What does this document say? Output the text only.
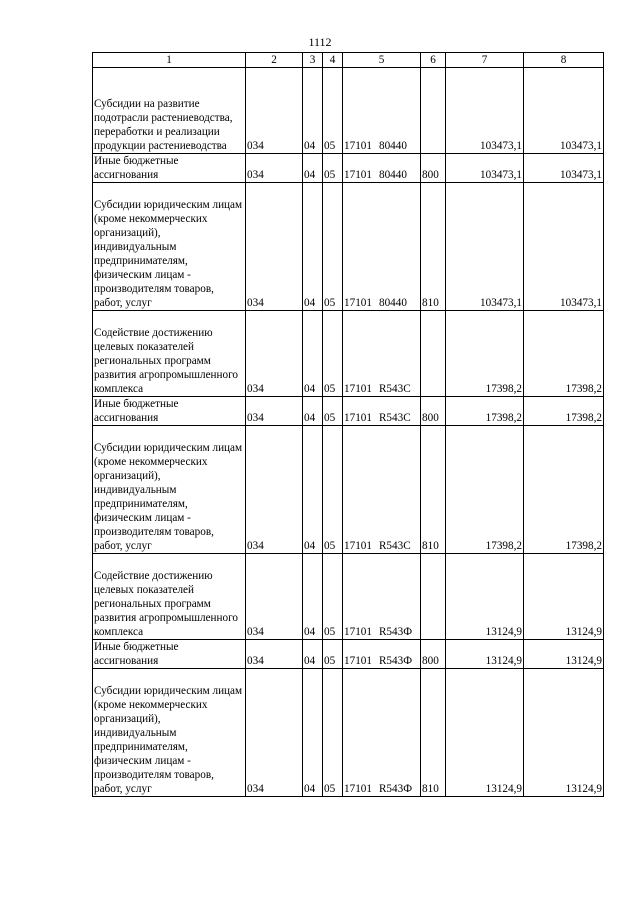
1112
1	2	3	4	5	6	7	8
Субсидии на развитие подотрасли растениеводства, переработки и реализации продукции растениеводства	034	04	05	17101 80440		103473,1	103473,1
Иные бюджетные ассигнования	034	04	05	17101 80440	800	103473,1	103473,1
Субсидии юридическим лицам (кроме некоммерческих организаций), индивидуальным предпринимателям, физическим лицам - производителям товаров, работ, услуг	034	04	05	17101 80440	810	103473,1	103473,1
Содействие достижению целевых показателей региональных программ развития агропромышленного комплекса	034	04	05	17101 R543C		17398,2	17398,2
Иные бюджетные ассигнования	034	04	05	17101 R543C	800	17398,2	17398,2
Субсидии юридическим лицам (кроме некоммерческих организаций), индивидуальным предпринимателям, физическим лицам - производителям товаров, работ, услуг	034	04	05	17101 R543C	810	17398,2	17398,2
Содействие достижению целевых показателей региональных программ развития агропромышленного комплекса	034	04	05	17101 R543Ф		13124,9	13124,9
Иные бюджетные ассигнования	034	04	05	17101 R543Ф	800	13124,9	13124,9
Субсидии юридическим лицам (кроме некоммерческих организаций), индивидуальным предпринимателям, физическим лицам - производителям товаров, работ, услуг	034	04	05	17101 R543Ф	810	13124,9	13124,9
